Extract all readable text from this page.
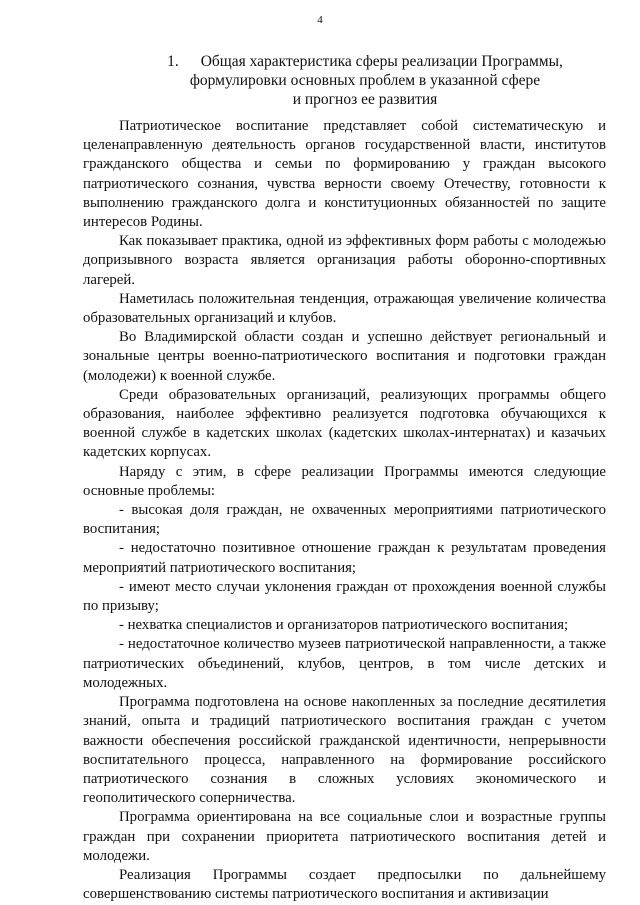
4
1. Общая характеристика сферы реализации Программы,
формулировки основных проблем в указанной сфере
и прогноз ее развития

Патриотическое воспитание представляет собой систематическую и целенаправленную деятельность органов государственной власти, институтов гражданского общества и семьи по формированию у граждан высокого патриотического сознания, чувства верности своему Отечеству, готовности к выполнению гражданского долга и конституционных обязанностей по защите интересов Родины.

Как показывает практика, одной из эффективных форм работы с молодежью допризывного возраста является организация работы оборонно-спортивных лагерей.

Наметилась положительная тенденция, отражающая увеличение количества образовательных организаций и клубов.

Во Владимирской области создан и успешно действует региональный и зональные центры военно-патриотического воспитания и подготовки граждан (молодежи) к военной службе.

Среди образовательных организаций, реализующих программы общего образования, наиболее эффективно реализуется подготовка обучающихся к военной службе в кадетских школах (кадетских школах-интернатах) и казачьих кадетских корпусах.

Наряду с этим, в сфере реализации Программы имеются следующие основные проблемы:

- высокая доля граждан, не охваченных мероприятиями патриотического воспитания;

- недостаточно позитивное отношение граждан к результатам проведения мероприятий патриотического воспитания;

- имеют место случаи уклонения граждан от прохождения военной службы по призыву;

- нехватка специалистов и организаторов патриотического воспитания;

- недостаточное количество музеев патриотической направленности, а также патриотических объединений, клубов, центров, в том числе детских и молодежных.

Программа подготовлена на основе накопленных за последние десятилетия знаний, опыта и традиций патриотического воспитания граждан с учетом важности обеспечения российской гражданской идентичности, непрерывности воспитательного процесса, направленного на формирование российского патриотического сознания в сложных условиях экономического и геополитического соперничества.

Программа ориентирована на все социальные слои и возрастные группы граждан при сохранении приоритета патриотического воспитания детей и молодежи.

Реализация Программы создает предпосылки по дальнейшему совершенствованию системы патриотического воспитания и активизации
